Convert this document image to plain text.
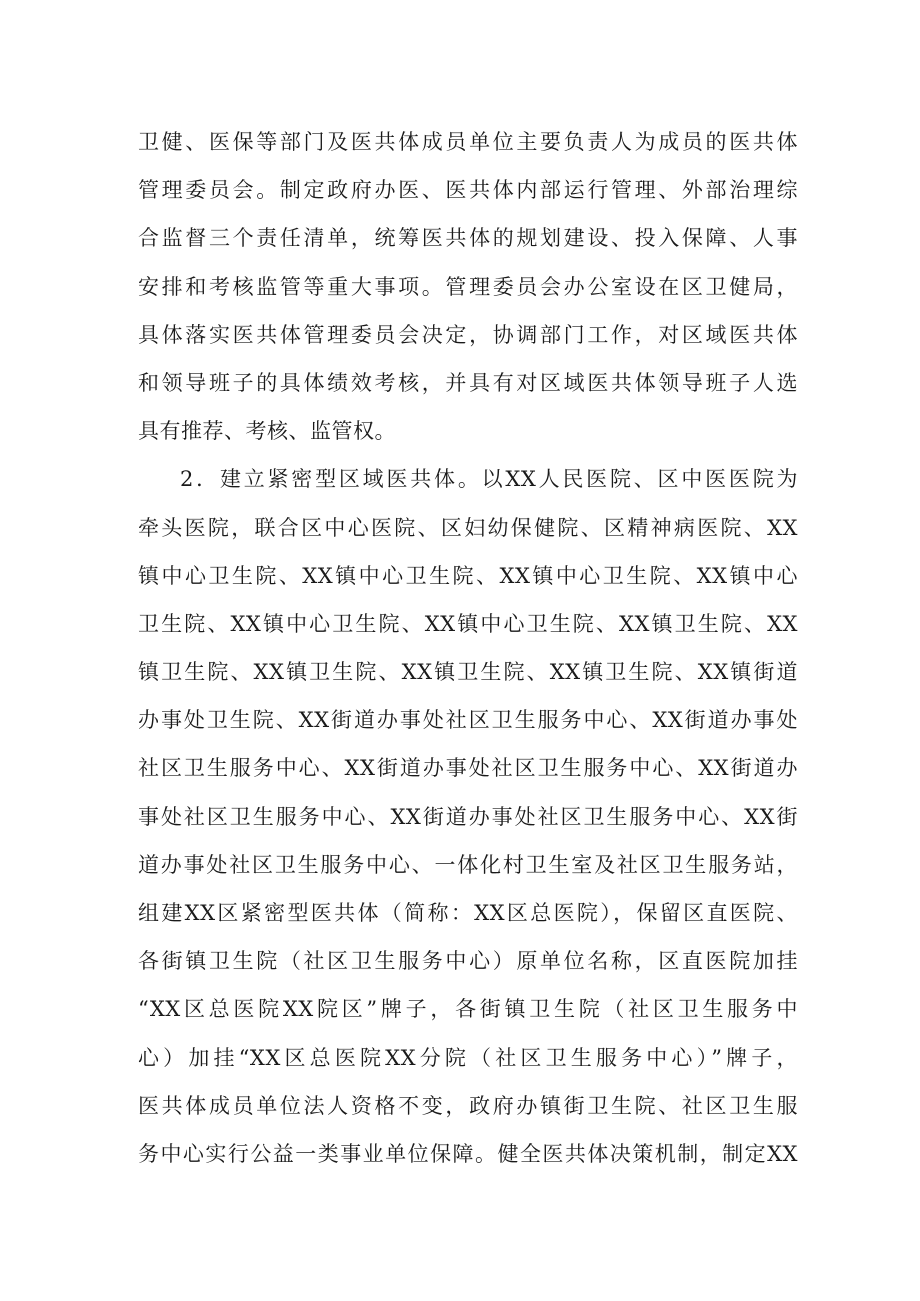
卫健、医保等部门及医共体成员单位主要负责人为成员的医共体
管理委员会。制定政府办医、医共体内部运行管理、外部治理综
合监督三个责任清单，统筹医共体的规划建设、投入保障、人事
安排和考核监管等重大事项。管理委员会办公室设在区卫健局，
具体落实医共体管理委员会决定，协调部门工作，对区域医共体
和领导班子的具体绩效考核，并具有对区域医共体领导班子人选
具有推荐、考核、监管权。
2．建立紧密型区域医共体。以XX人民医院、区中医医院为
牵头医院，联合区中心医院、区妇幼保健院、区精神病医院、XX
镇中心卫生院、XX镇中心卫生院、XX镇中心卫生院、XX镇中心
卫生院、XX镇中心卫生院、XX镇中心卫生院、XX镇卫生院、XX
镇卫生院、XX镇卫生院、XX镇卫生院、XX镇卫生院、XX镇街道
办事处卫生院、XX街道办事处社区卫生服务中心、XX街道办事处
社区卫生服务中心、XX街道办事处社区卫生服务中心、XX街道办
事处社区卫生服务中心、XX街道办事处社区卫生服务中心、XX街
道办事处社区卫生服务中心、一体化村卫生室及社区卫生服务站，
组建XX区紧密型医共体（简称：XX区总医院），保留区直医院、
各街镇卫生院（社区卫生服务中心）原单位名称，区直医院加挂
“XX区总医院XX院区”牌子，各街镇卫生院（社区卫生服务中
心）加挂“XX区总医院XX分院（社区卫生服务中心）”牌子，
医共体成员单位法人资格不变，政府办镇街卫生院、社区卫生服
务中心实行公益一类事业单位保障。健全医共体决策机制，制定XX
